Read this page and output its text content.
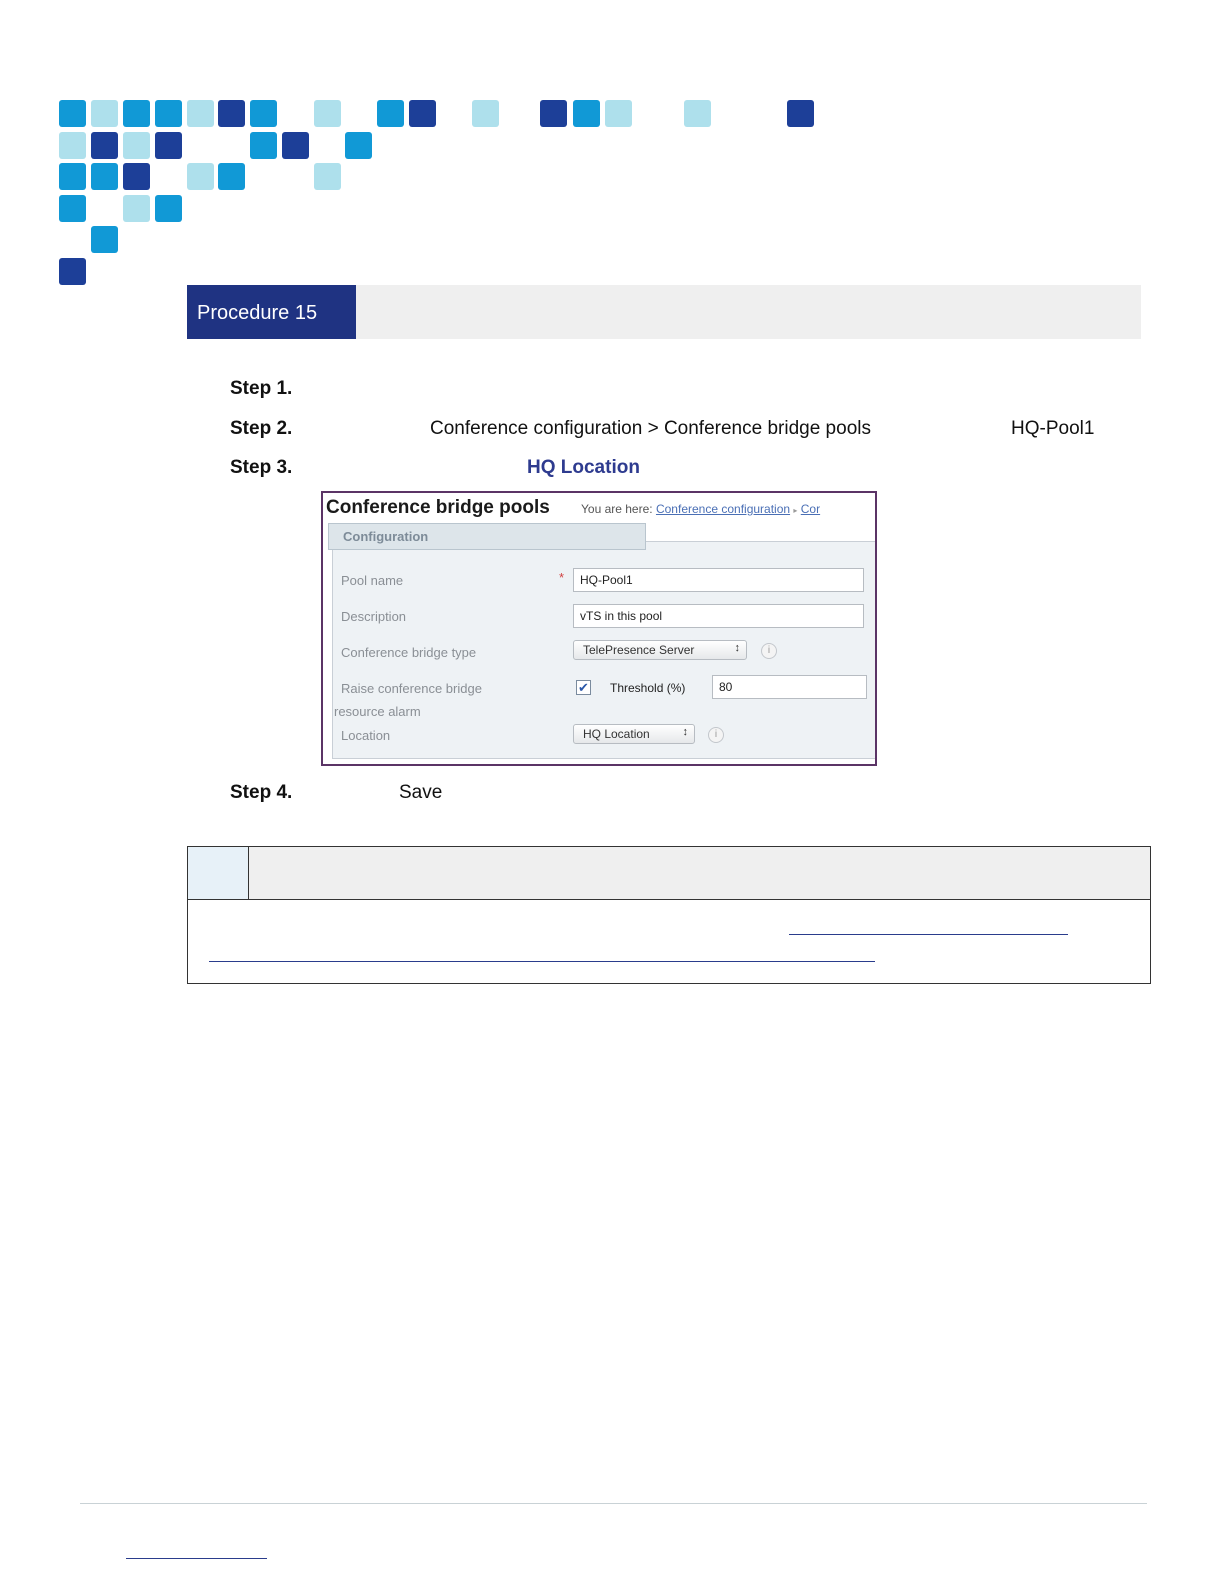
Procedure 15
Step 1.
Step 2.	Conference configuration > Conference bridge pools	HQ-Pool1
Step 3.	HQ Location
Conference bridge pools	You are here: Conference configuration ▸ Cor
Configuration
Pool name	*	HQ-Pool1
Description	vTS in this pool
Conference bridge type	TelePresence Server	↕	i
Raise conference bridge
resource alarm
✔ Threshold (%)	80
Location	HQ Location	↕	i
Step 4.	Save
